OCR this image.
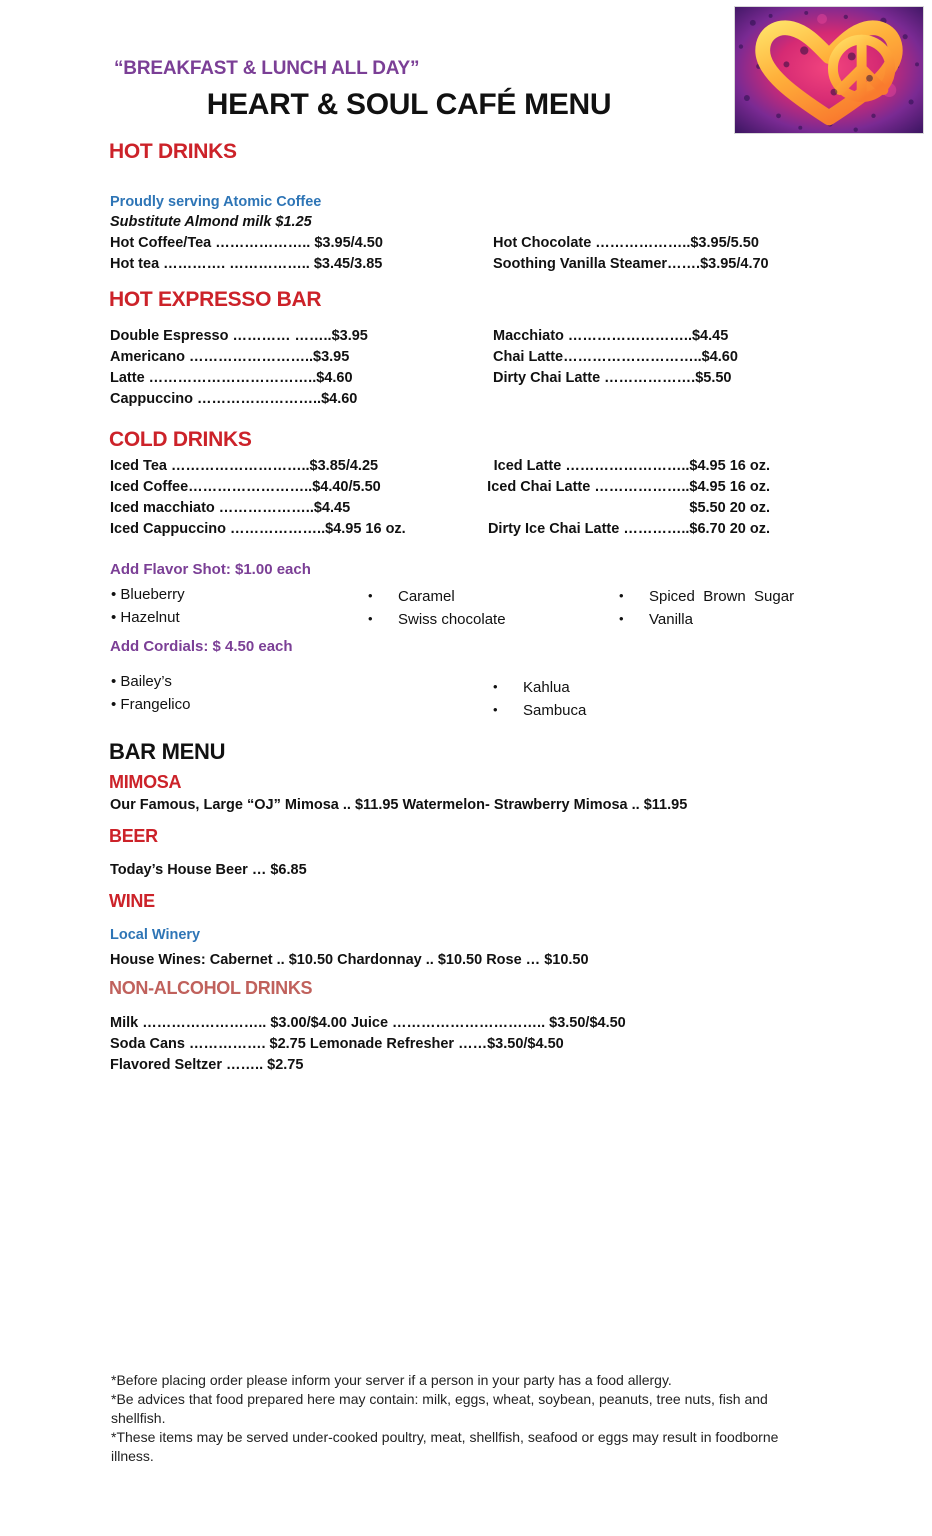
“BREAKFAST & LUNCH ALL DAY”
HEART & SOUL CAFÉ MENU
HOT DRINKS
Proudly serving Atomic Coffee
Substitute Almond milk $1.25
Hot Coffee/Tea ……………….. $3.95/4.50
Hot tea …………. …………….. $3.45/3.85
Hot Chocolate ………………..$3.95/5.50
Soothing Vanilla Steamer…….$3.95/4.70
HOT EXPRESSO BAR
Double Espresso ………… ……..$3.95
Americano ……………………..$3.95
Latte ……………………………..$4.60
Cappuccino ……………………..$4.60
Macchiato ……………………..$4.45
Chai Latte………………………..$4.60
Dirty Chai Latte ……………….$5.50
COLD DRINKS
Iced Tea ………………………..$3.85/4.25
Iced Coffee……………………..$4.40/5.50
Iced macchiato ………………..$4.45
Iced Cappuccino ………………..$4.95 16 oz.
Iced Latte ……………………..$4.95 16 oz.
Iced Chai Latte ………………..$4.95 16 oz.
$5.50 20 oz.
Dirty Ice Chai Latte …………..$6.70 20 oz.
Add Flavor Shot: $1.00 each
• Blueberry
• Hazelnut
• Caramel
• Swiss chocolate
• Spiced  Brown  Sugar
• Vanilla
Add Cordials: $ 4.50 each
• Bailey’s
• Frangelico
• Kahlua
• Sambuca
BAR MENU
MIMOSA
Our Famous, Large “OJ” Mimosa .. $11.95 Watermelon- Strawberry Mimosa .. $11.95
BEER
Today’s House Beer … $6.85
WINE
Local Winery
House Wines: Cabernet .. $10.50 Chardonnay .. $10.50 Rose … $10.50
NON-ALCOHOL DRINKS
Milk …………………….. $3.00/$4.00 Juice ………………………….. $3.50/$4.50
Soda Cans ……………. $2.75 Lemonade Refresher ……$3.50/$4.50
Flavored Seltzer …….. $2.75

*Before placing order please inform your server if a person in your party has a food allergy.

*Be advices that food prepared here may contain: milk, eggs, wheat, soybean, peanuts, tree nuts, fish and shellfish.

*These items may be served under-cooked poultry, meat, shellfish, seafood or eggs may result in foodborne illness.
